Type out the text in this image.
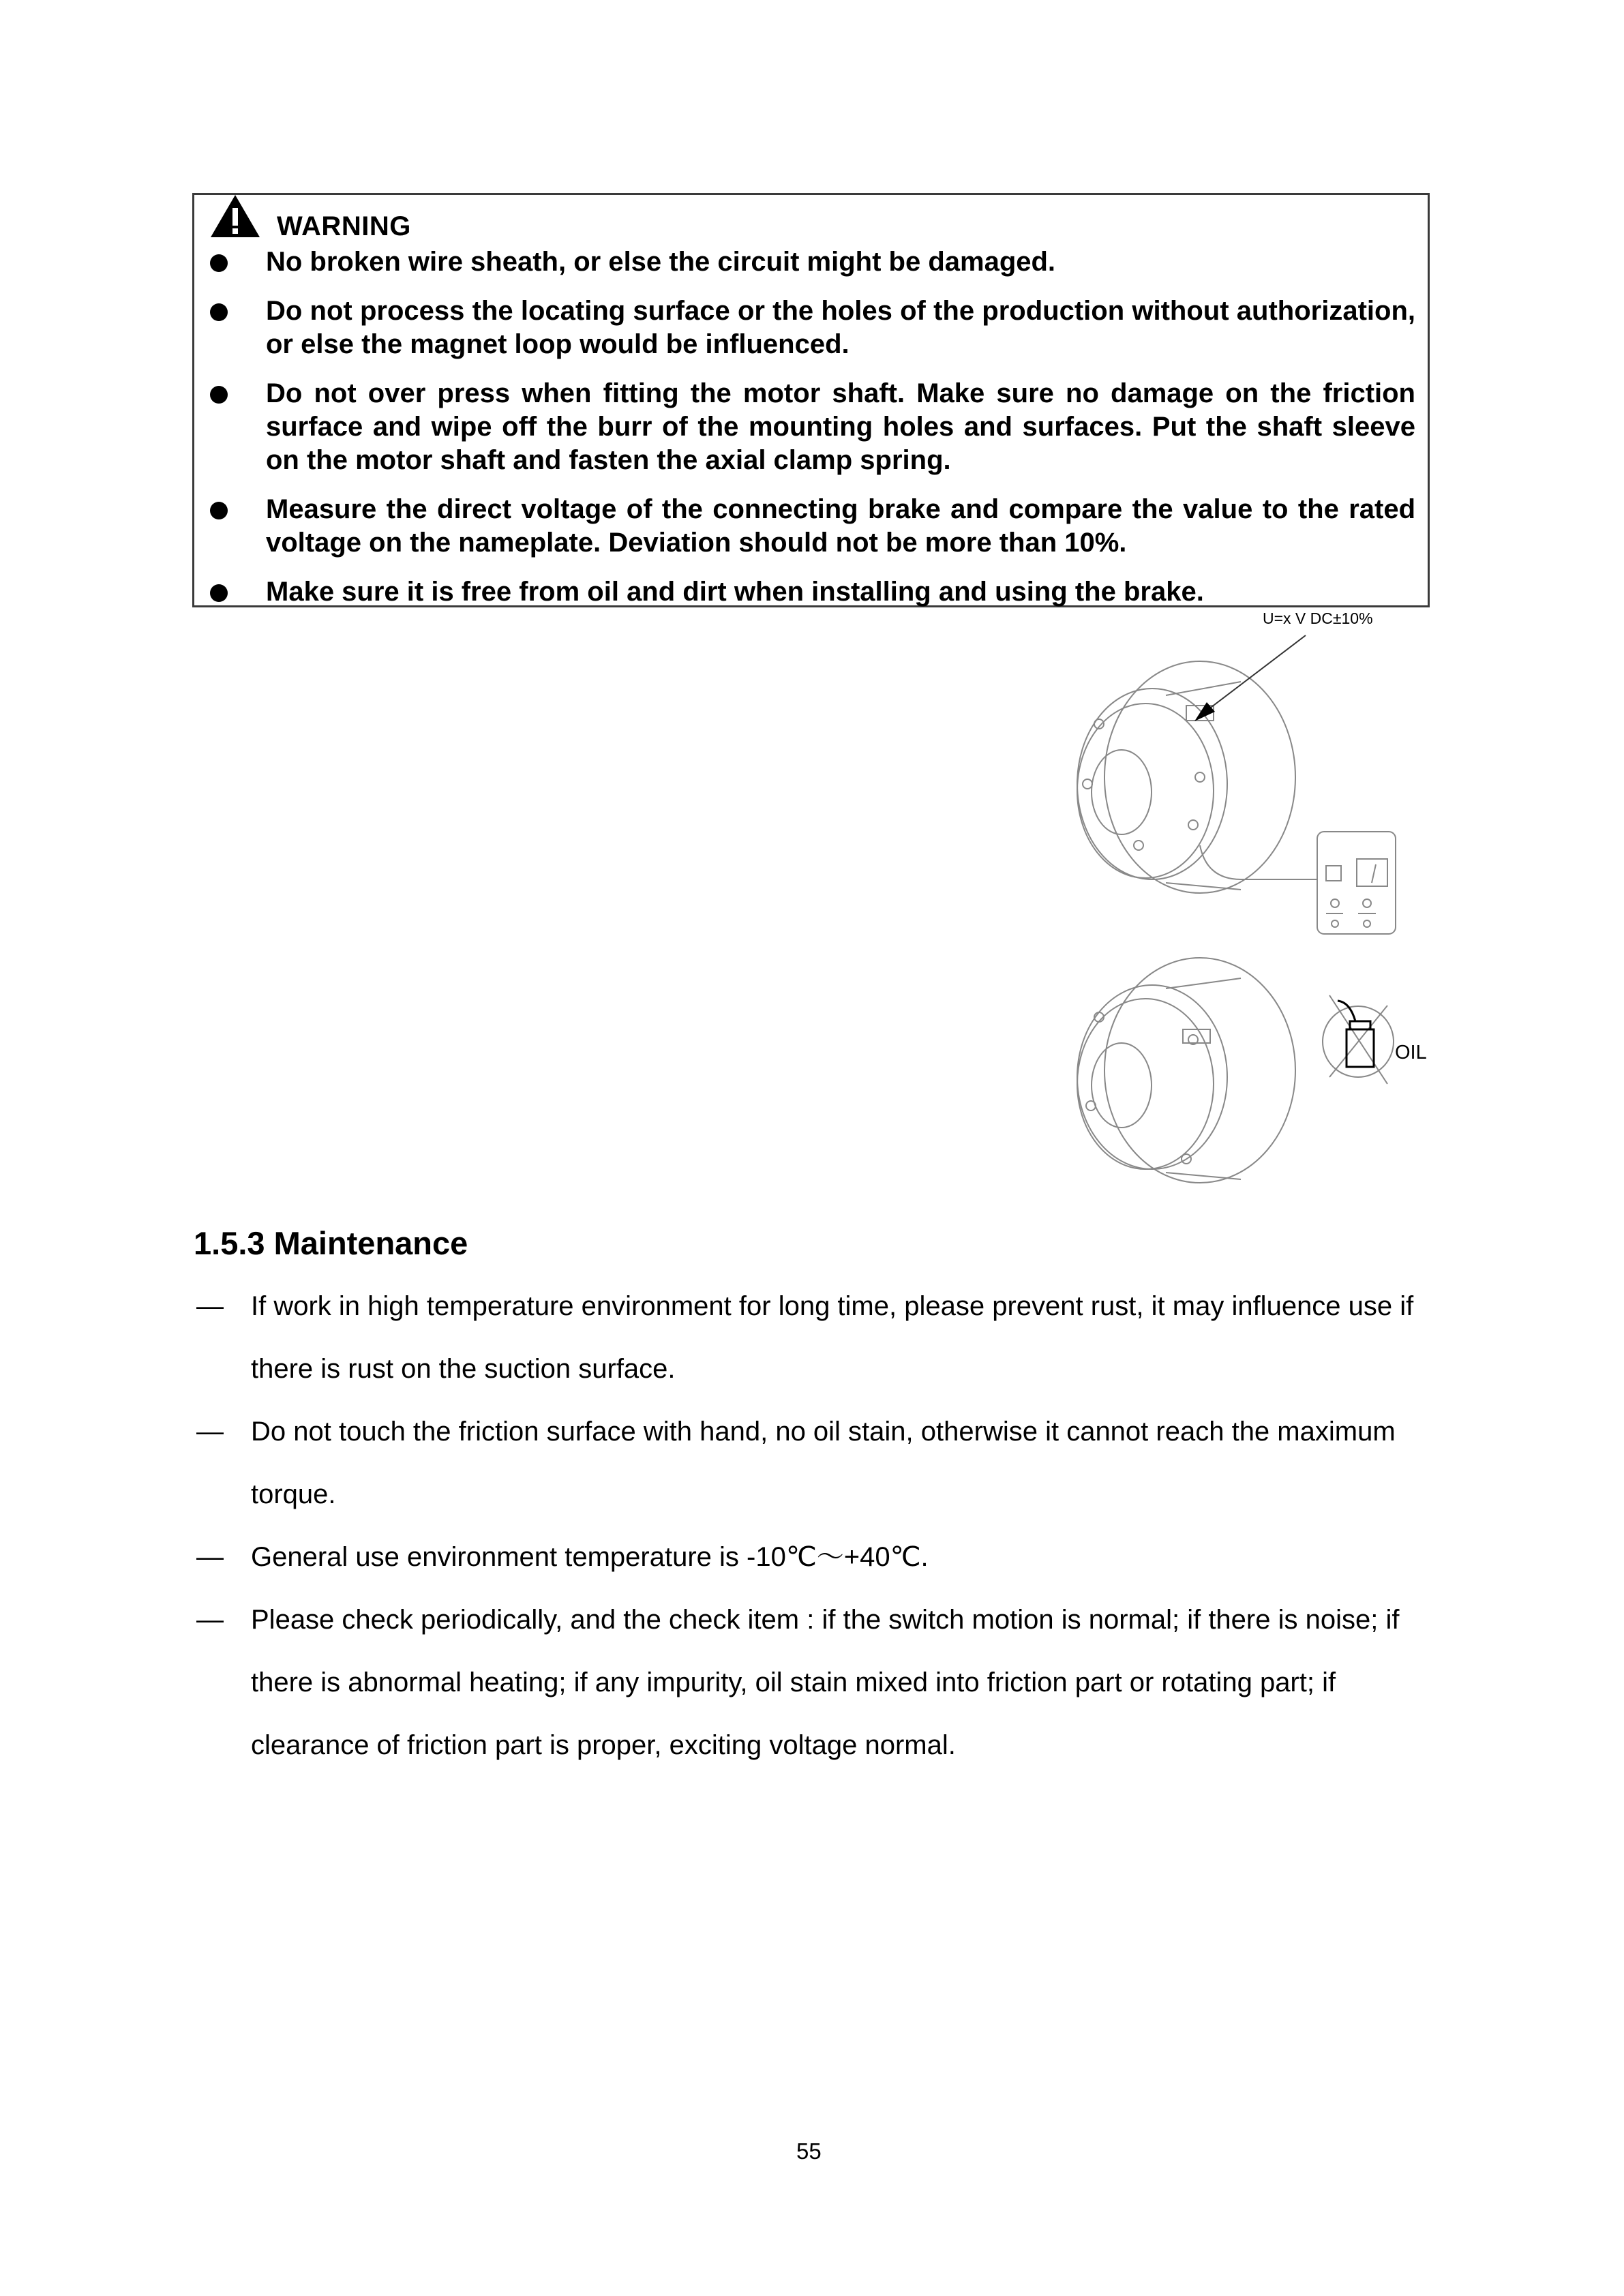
WARNING
No broken wire sheath, or else the circuit might be damaged.
Do not process the locating surface or the holes of the production without authorization, or else the magnet loop would be influenced.
Do not over press when fitting the motor shaft. Make sure no damage on the friction surface and wipe off the burr of the mounting holes and surfaces. Put the shaft sleeve on the motor shaft and fasten the axial clamp spring.
Measure the direct voltage of the connecting brake and compare the value to the rated voltage on the nameplate. Deviation should not be more than 10%.
Make sure it is free from oil and dirt when installing and using the brake.
U=x V DC±10%
OIL
1.5.3 Maintenance
— If work in high temperature environment for long time, please prevent rust, it may influence use if there is rust on the suction surface.
— Do not touch the friction surface with hand, no oil stain, otherwise it cannot reach the maximum torque.
— General use environment temperature is -10℃～+40℃.
— Please check periodically, and the check item : if the switch motion is normal; if there is noise; if there is abnormal heating; if any impurity, oil stain mixed into friction part or rotating part; if clearance of friction part is proper, exciting voltage normal.
55
